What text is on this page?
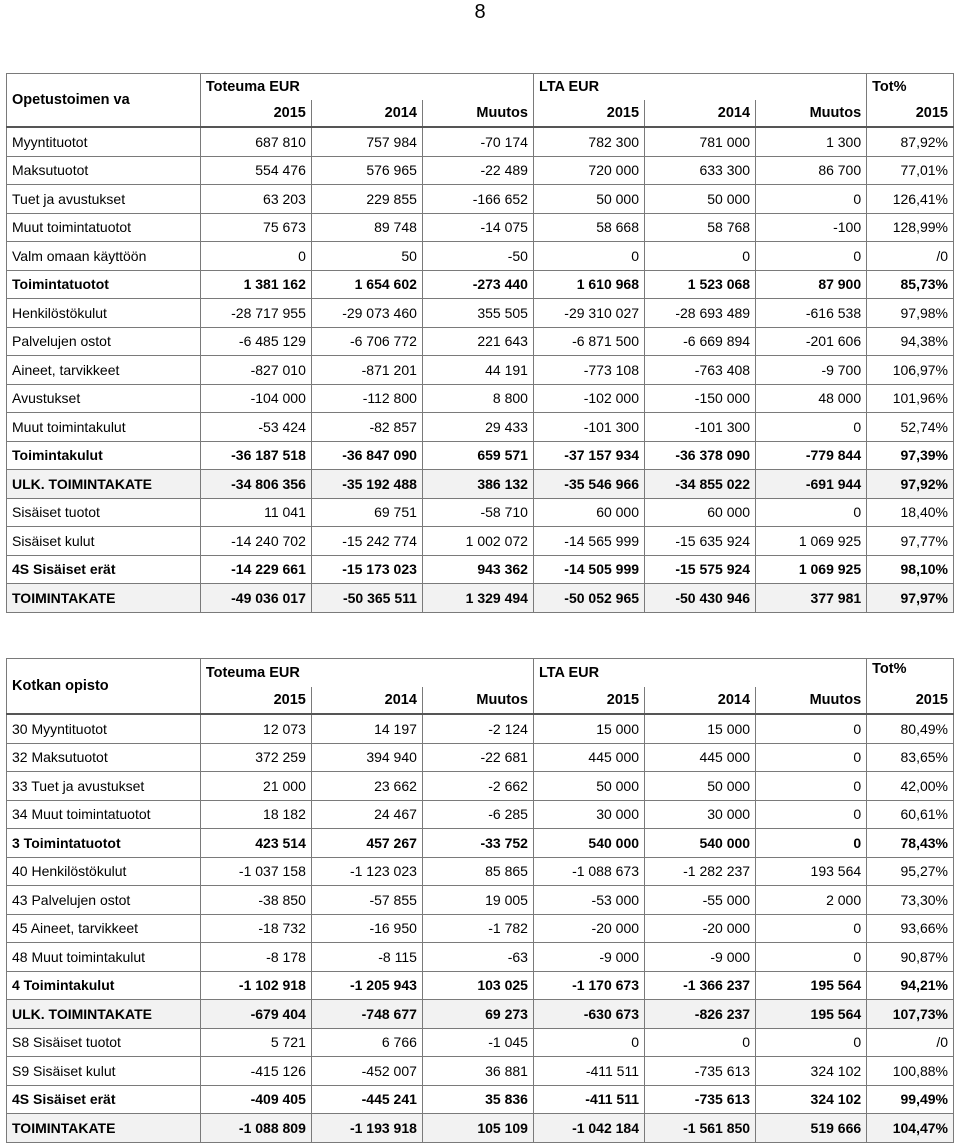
8
Opetustoimen va	Toteuma EUR			LTA EUR			Tot%
	2015	2014	Muutos	2015	2014	Muutos	2015
Myyntituotot	687 810	757 984	-70 174	782 300	781 000	1 300	87,92%
Maksutuotot	554 476	576 965	-22 489	720 000	633 300	86 700	77,01%
Tuet ja avustukset	63 203	229 855	-166 652	50 000	50 000	0	126,41%
Muut toimintatuotot	75 673	89 748	-14 075	58 668	58 768	-100	128,99%
Valm omaan käyttöön	0	50	-50	0	0	0	/0
Toimintatuotot	1 381 162	1 654 602	-273 440	1 610 968	1 523 068	87 900	85,73%
Henkilöstökulut	-28 717 955	-29 073 460	355 505	-29 310 027	-28 693 489	-616 538	97,98%
Palvelujen ostot	-6 485 129	-6 706 772	221 643	-6 871 500	-6 669 894	-201 606	94,38%
Aineet, tarvikkeet	-827 010	-871 201	44 191	-773 108	-763 408	-9 700	106,97%
Avustukset	-104 000	-112 800	8 800	-102 000	-150 000	48 000	101,96%
Muut toimintakulut	-53 424	-82 857	29 433	-101 300	-101 300	0	52,74%
Toimintakulut	-36 187 518	-36 847 090	659 571	-37 157 934	-36 378 090	-779 844	97,39%
ULK. TOIMINTAKATE	-34 806 356	-35 192 488	386 132	-35 546 966	-34 855 022	-691 944	97,92%
Sisäiset tuotot	11 041	69 751	-58 710	60 000	60 000	0	18,40%
Sisäiset kulut	-14 240 702	-15 242 774	1 002 072	-14 565 999	-15 635 924	1 069 925	97,77%
4S Sisäiset erät	-14 229 661	-15 173 023	943 362	-14 505 999	-15 575 924	1 069 925	98,10%
TOIMINTAKATE	-49 036 017	-50 365 511	1 329 494	-50 052 965	-50 430 946	377 981	97,97%
Kotkan opisto	Toteuma EUR			LTA EUR			Tot%
	2015	2014	Muutos	2015	2014	Muutos	2015
30 Myyntituotot	12 073	14 197	-2 124	15 000	15 000	0	80,49%
32 Maksutuotot	372 259	394 940	-22 681	445 000	445 000	0	83,65%
33 Tuet ja avustukset	21 000	23 662	-2 662	50 000	50 000	0	42,00%
34 Muut toimintatuotot	18 182	24 467	-6 285	30 000	30 000	0	60,61%
3 Toimintatuotot	423 514	457 267	-33 752	540 000	540 000	0	78,43%
40 Henkilöstökulut	-1 037 158	-1 123 023	85 865	-1 088 673	-1 282 237	193 564	95,27%
43 Palvelujen ostot	-38 850	-57 855	19 005	-53 000	-55 000	2 000	73,30%
45 Aineet, tarvikkeet	-18 732	-16 950	-1 782	-20 000	-20 000	0	93,66%
48 Muut toimintakulut	-8 178	-8 115	-63	-9 000	-9 000	0	90,87%
4 Toimintakulut	-1 102 918	-1 205 943	103 025	-1 170 673	-1 366 237	195 564	94,21%
ULK. TOIMINTAKATE	-679 404	-748 677	69 273	-630 673	-826 237	195 564	107,73%
S8 Sisäiset tuotot	5 721	6 766	-1 045	0	0	0	/0
S9 Sisäiset kulut	-415 126	-452 007	36 881	-411 511	-735 613	324 102	100,88%
4S Sisäiset erät	-409 405	-445 241	35 836	-411 511	-735 613	324 102	99,49%
TOIMINTAKATE	-1 088 809	-1 193 918	105 109	-1 042 184	-1 561 850	519 666	104,47%
